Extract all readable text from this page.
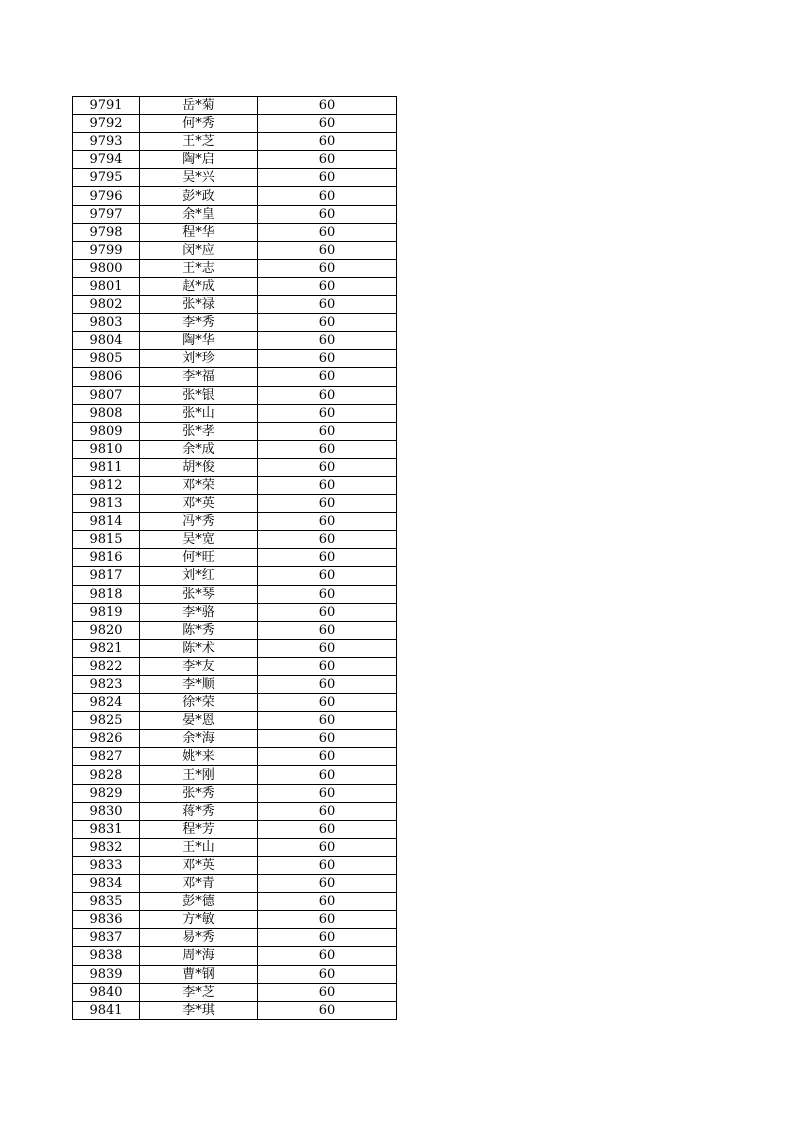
9791	岳*菊	60
9792	何*秀	60
9793	王*芝	60
9794	陶*启	60
9795	吴*兴	60
9796	彭*政	60
9797	余*皇	60
9798	程*华	60
9799	闵*应	60
9800	王*志	60
9801	赵*成	60
9802	张*禄	60
9803	李*秀	60
9804	陶*华	60
9805	刘*珍	60
9806	李*福	60
9807	张*银	60
9808	张*山	60
9809	张*孝	60
9810	余*成	60
9811	胡*俊	60
9812	邓*荣	60
9813	邓*英	60
9814	冯*秀	60
9815	吴*宽	60
9816	何*旺	60
9817	刘*红	60
9818	张*琴	60
9819	李*骆	60
9820	陈*秀	60
9821	陈*术	60
9822	李*友	60
9823	李*顺	60
9824	徐*荣	60
9825	晏*恩	60
9826	余*海	60
9827	姚*来	60
9828	王*刚	60
9829	张*秀	60
9830	蒋*秀	60
9831	程*芳	60
9832	王*山	60
9833	邓*英	60
9834	邓*青	60
9835	彭*德	60
9836	方*敏	60
9837	易*秀	60
9838	周*海	60
9839	曹*钢	60
9840	李*芝	60
9841	李*琪	60
